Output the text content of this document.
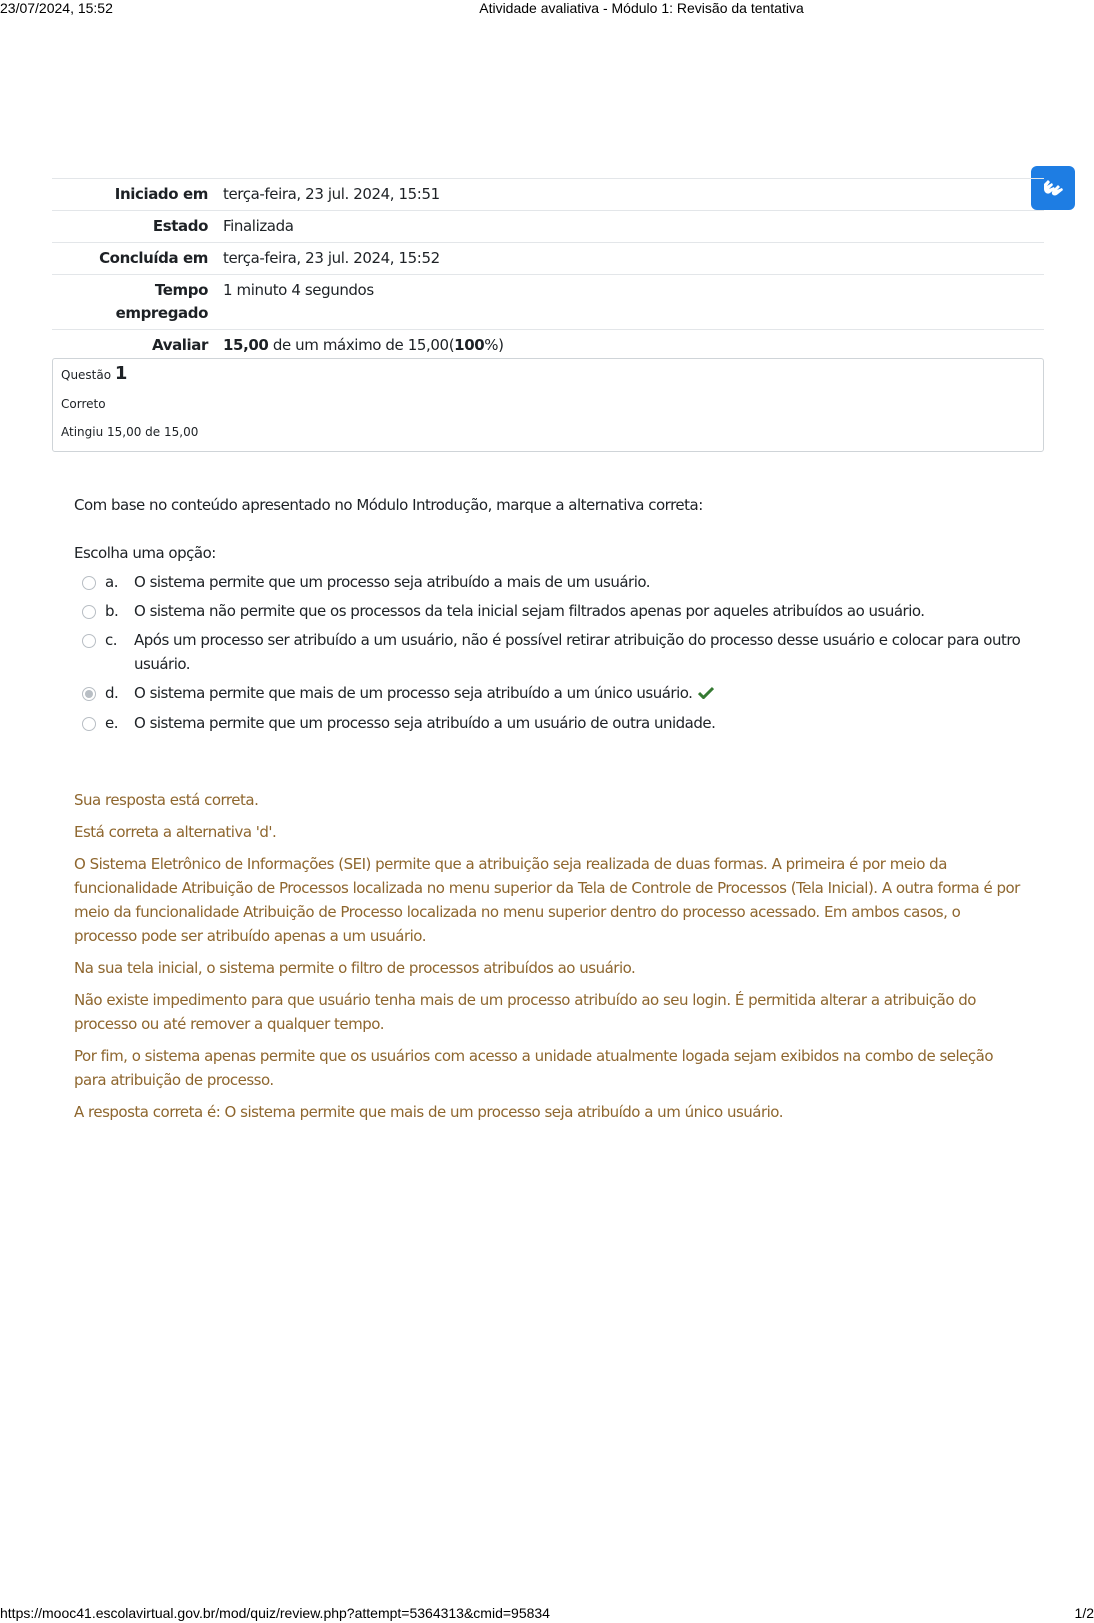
23/07/2024, 15:52	Atividade avaliativa - Módulo 1: Revisão da tentativa
Iniciado em	terça-feira, 23 jul. 2024, 15:51
Estado	Finalizada
Concluída em	terça-feira, 23 jul. 2024, 15:52
Tempo empregado	1 minuto 4 segundos
Avaliar	15,00 de um máximo de 15,00(100%)
Questão 1
Correto
Atingiu 15,00 de 15,00
Com base no conteúdo apresentado no Módulo Introdução, marque a alternativa correta:
Escolha uma opção:
a.	O sistema permite que um processo seja atribuído a mais de um usuário.
b.	O sistema não permite que os processos da tela inicial sejam filtrados apenas por aqueles atribuídos ao usuário.
c.	Após um processo ser atribuído a um usuário, não é possível retirar atribuição do processo desse usuário e colocar para outro usuário.
d.	O sistema permite que mais de um processo seja atribuído a um único usuário.
e.	O sistema permite que um processo seja atribuído a um usuário de outra unidade.

Sua resposta está correta.

Está correta a alternativa 'd'.

O Sistema Eletrônico de Informações (SEI) permite que a atribuição seja realizada de duas formas. A primeira é por meio da funcionalidade Atribuição de Processos localizada no menu superior da Tela de Controle de Processos (Tela Inicial). A outra forma é por meio da funcionalidade Atribuição de Processo localizada no menu superior dentro do processo acessado. Em ambos casos, o processo pode ser atribuído apenas a um usuário.

Na sua tela inicial, o sistema permite o filtro de processos atribuídos ao usuário.

Não existe impedimento para que usuário tenha mais de um processo atribuído ao seu login. É permitida alterar a atribuição do processo ou até remover a qualquer tempo.

Por fim, o sistema apenas permite que os usuários com acesso a unidade atualmente logada sejam exibidos na combo de seleção para atribuição de processo.

A resposta correta é: O sistema permite que mais de um processo seja atribuído a um único usuário.

https://mooc41.escolavirtual.gov.br/mod/quiz/review.php?attempt=5364313&cmid=95834	1/2
